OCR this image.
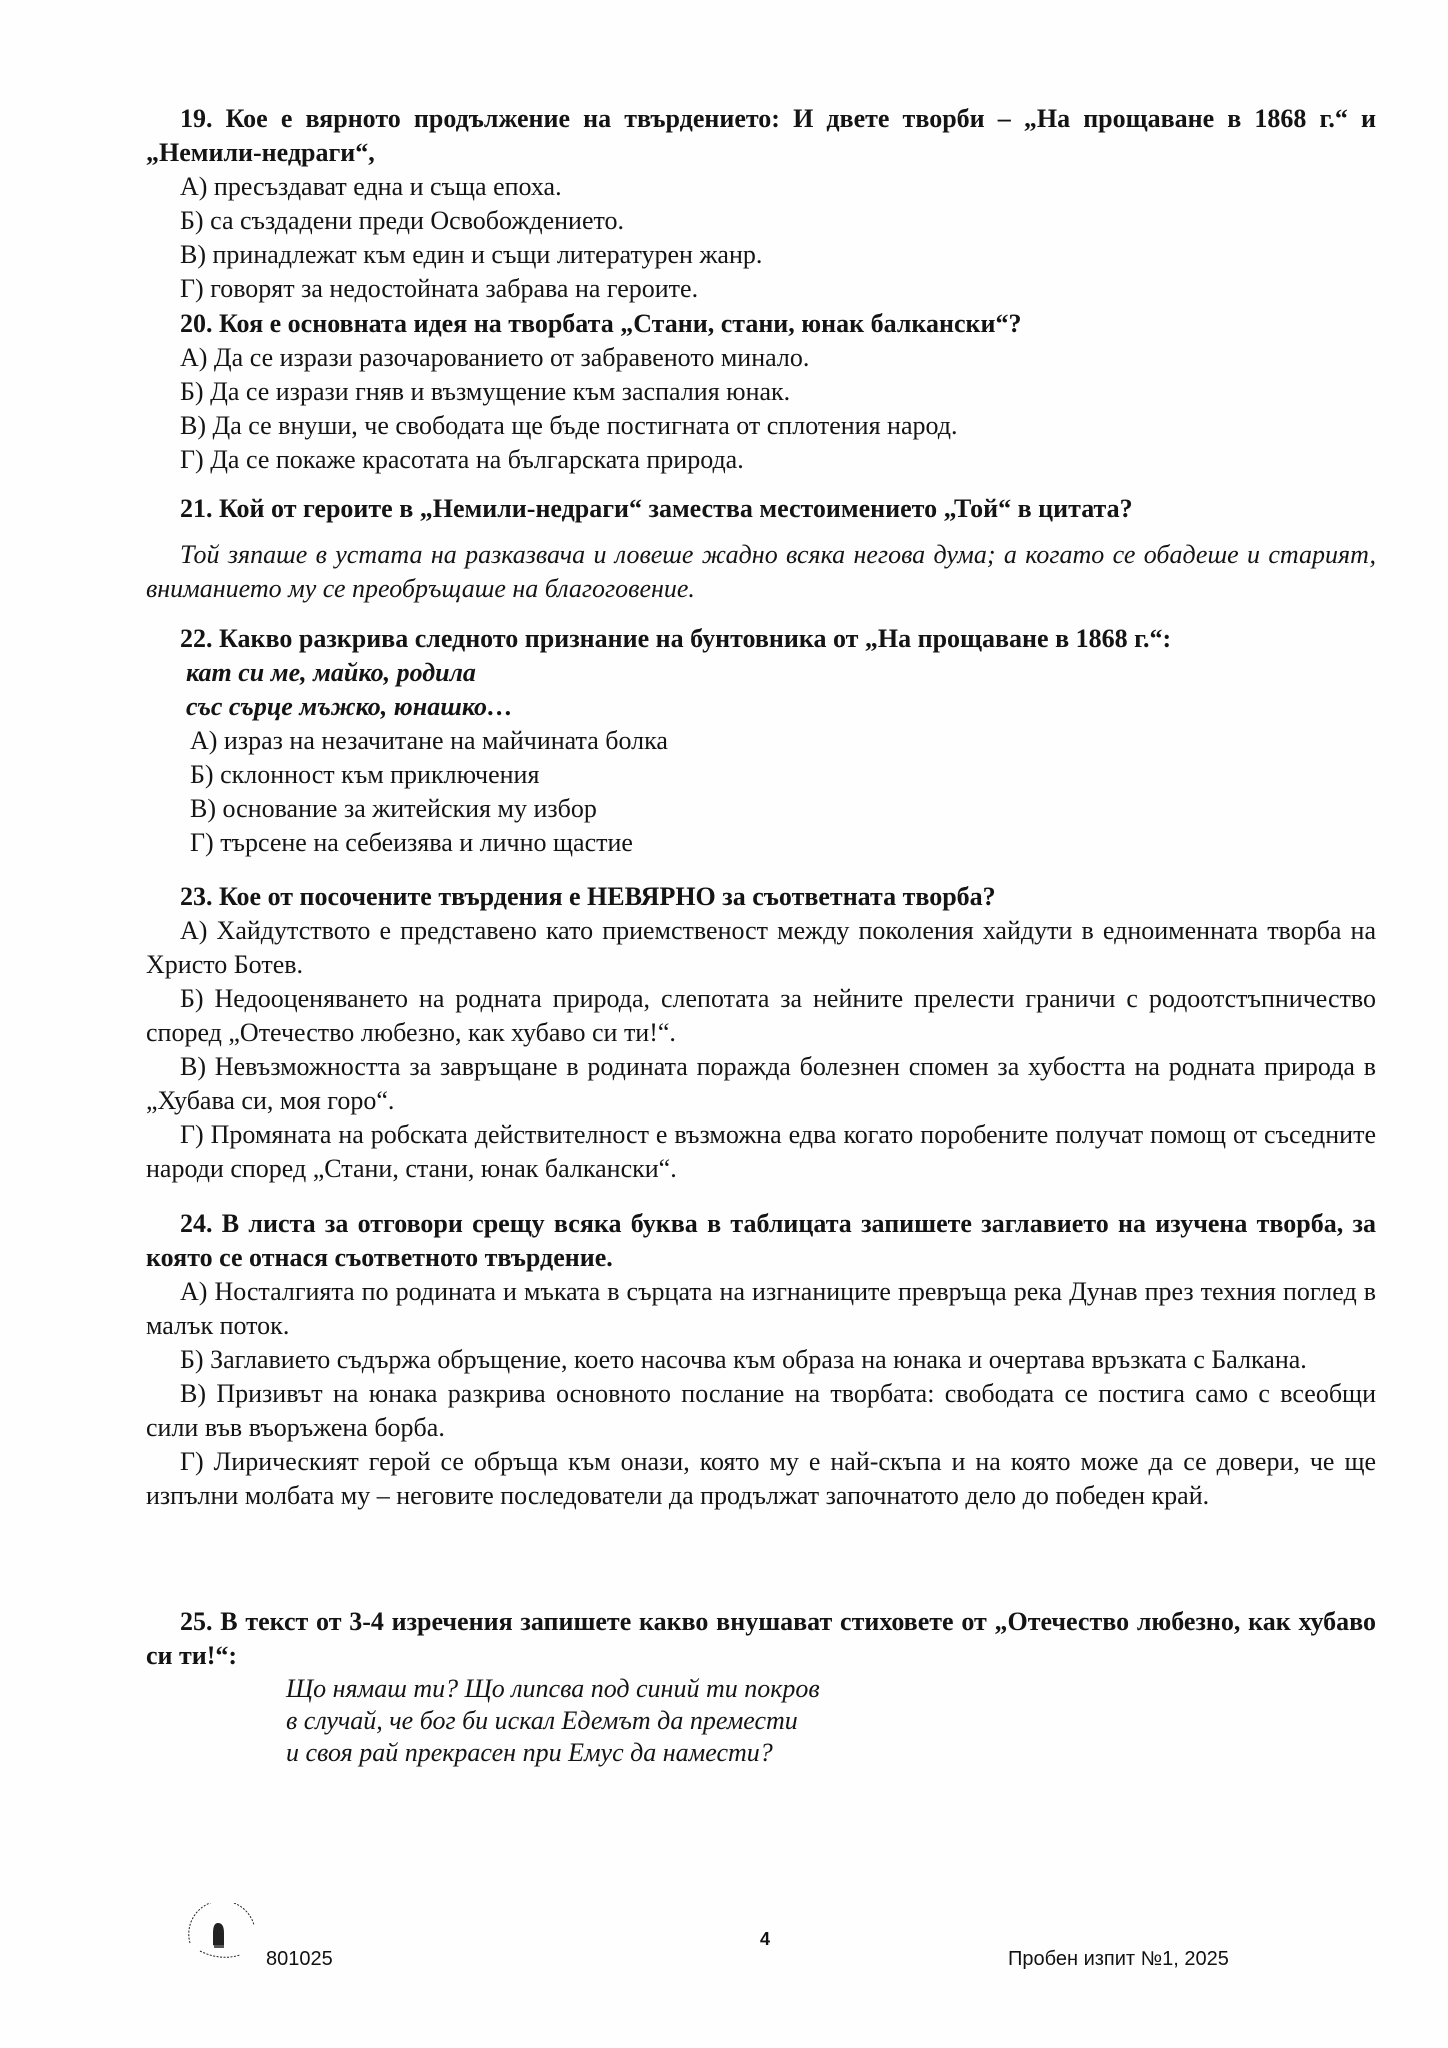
19. Кое е вярното продължение на твърдението: И двете творби – „На прощаване в 1868 г.“ и „Немили-недраги“,

А) пресъздават една и съща епоха.

Б) са създадени преди Освобождението.

В) принадлежат към един и същи литературен жанр.

Г) говорят за недостойната забрава на героите.

20. Коя е основната идея на творбата „Стани, стани, юнак балкански“?

А) Да се изрази разочарованието от забравеното минало.

Б) Да се изрази гняв и възмущение към заспалия юнак.

В) Да се внуши, че свободата ще бъде постигната от сплотения народ.

Г) Да се покаже красотата на българската природа.

21. Кой от героите в „Немили-недраги“ замества местоимението „Той“ в цитата?

Той зяпаше в устата на разказвача и ловеше жадно всяка негова дума; а когато се обадеше и старият, вниманието му се преобръщаше на благоговение.

22. Какво разкрива следното признание на бунтовника от „На прощаване в 1868 г.“:

кат си ме, майко, родила

със сърце мъжко, юнашко…

А) израз на незачитане на майчината болка

Б) склонност към приключения

В) основание за житейския му избор

Г) търсене на себеизява и лично щастие

23. Кое от посочените твърдения е НЕВЯРНО за съответната творба?

А) Хайдутството е представено като приемственост между поколения хайдути в едноименната творба на Христо Ботев.

Б) Недооценяването на родната природа, слепотата за нейните прелести граничи с родоотстъпничество според „Отечество любезно, как хубаво си ти!“.

В) Невъзможността за завръщане в родината поражда болезнен спомен за хубостта на родната природа в „Хубава си, моя горо“.

Г) Промяната на робската действителност е възможна едва когато поробените получат помощ от съседните народи според „Стани, стани, юнак балкански“.

24. В листа за отговори срещу всяка буква в таблицата запишете заглавието на изучена творба, за която се отнася съответното твърдение.

А) Носталгията по родината и мъката в сърцата на изгнаниците превръща река Дунав през техния поглед в малък поток.

Б) Заглавието съдържа обръщение, което насочва към образа на юнака и очертава връзката с Балкана.

В) Призивът на юнака разкрива основното послание на творбата: свободата се постига само с всеобщи сили във въоръжена борба.

Г) Лирическият герой се обръща към онази, която му е най-скъпа и на която може да се довери, че ще изпълни молбата му – неговите последователи да продължат започнатото дело до победен край.

25. В текст от 3-4 изречения запишете какво внушават стиховете от „Отечество любезно, как хубаво си ти!“:

Що нямаш ти? Що липсва под синий ти покров

в случай, че бог би искал Едемът да премести

и своя рай прекрасен при Емус да намести?

801025
4
Пробен изпит №1, 2025
